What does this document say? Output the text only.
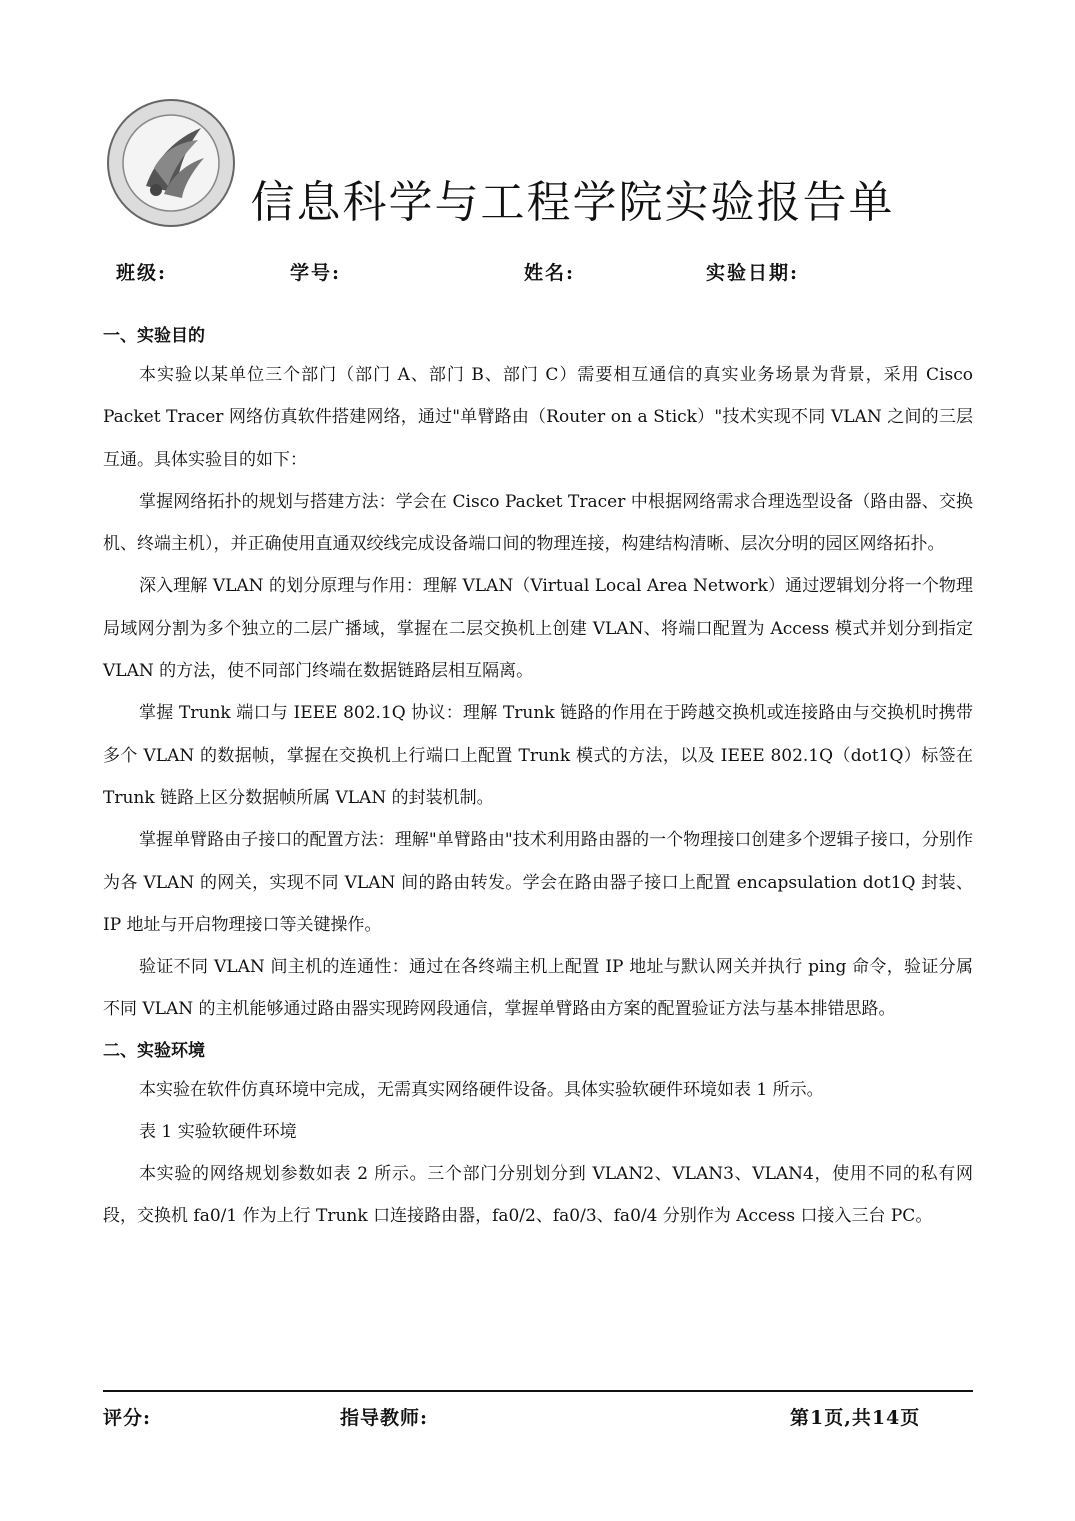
信息科学与工程学院实验报告单
班级:	学号:	姓名:	实验日期:

一、实验目的

本实验以某单位三个部门（部门 A、部门 B、部门 C）需要相互通信的真实业务场景为背景，采用 Cisco Packet Tracer 网络仿真软件搭建网络，通过"单臂路由（Router on a Stick）"技术实现不同 VLAN 之间的三层互通。具体实验目的如下：

掌握网络拓扑的规划与搭建方法：学会在 Cisco Packet Tracer 中根据网络需求合理选型设备（路由器、交换机、终端主机），并正确使用直通双绞线完成设备端口间的物理连接，构建结构清晰、层次分明的园区网络拓扑。

深入理解 VLAN 的划分原理与作用：理解 VLAN（Virtual Local Area Network）通过逻辑划分将一个物理局域网分割为多个独立的二层广播域，掌握在二层交换机上创建 VLAN、将端口配置为 Access 模式并划分到指定 VLAN 的方法，使不同部门终端在数据链路层相互隔离。

掌握 Trunk 端口与 IEEE 802.1Q 协议：理解 Trunk 链路的作用在于跨越交换机或连接路由与交换机时携带多个 VLAN 的数据帧，掌握在交换机上行端口上配置 Trunk 模式的方法，以及 IEEE 802.1Q（dot1Q）标签在 Trunk 链路上区分数据帧所属 VLAN 的封装机制。

掌握单臂路由子接口的配置方法：理解"单臂路由"技术利用路由器的一个物理接口创建多个逻辑子接口，分别作为各 VLAN 的网关，实现不同 VLAN 间的路由转发。学会在路由器子接口上配置 encapsulation dot1Q 封装、IP 地址与开启物理接口等关键操作。

验证不同 VLAN 间主机的连通性：通过在各终端主机上配置 IP 地址与默认网关并执行 ping 命令，验证分属不同 VLAN 的主机能够通过路由器实现跨网段通信，掌握单臂路由方案的配置验证方法与基本排错思路。

二、实验环境

本实验在软件仿真环境中完成，无需真实网络硬件设备。具体实验软硬件环境如表 1 所示。

表 1 实验软硬件环境

本实验的网络规划参数如表 2 所示。三个部门分别划分到 VLAN2、VLAN3、VLAN4，使用不同的私有网段，交换机 fa0/1 作为上行 Trunk 口连接路由器，fa0/2、fa0/3、fa0/4 分别作为 Access 口接入三台 PC。

评分:	指导教师:	第1页,共14页
